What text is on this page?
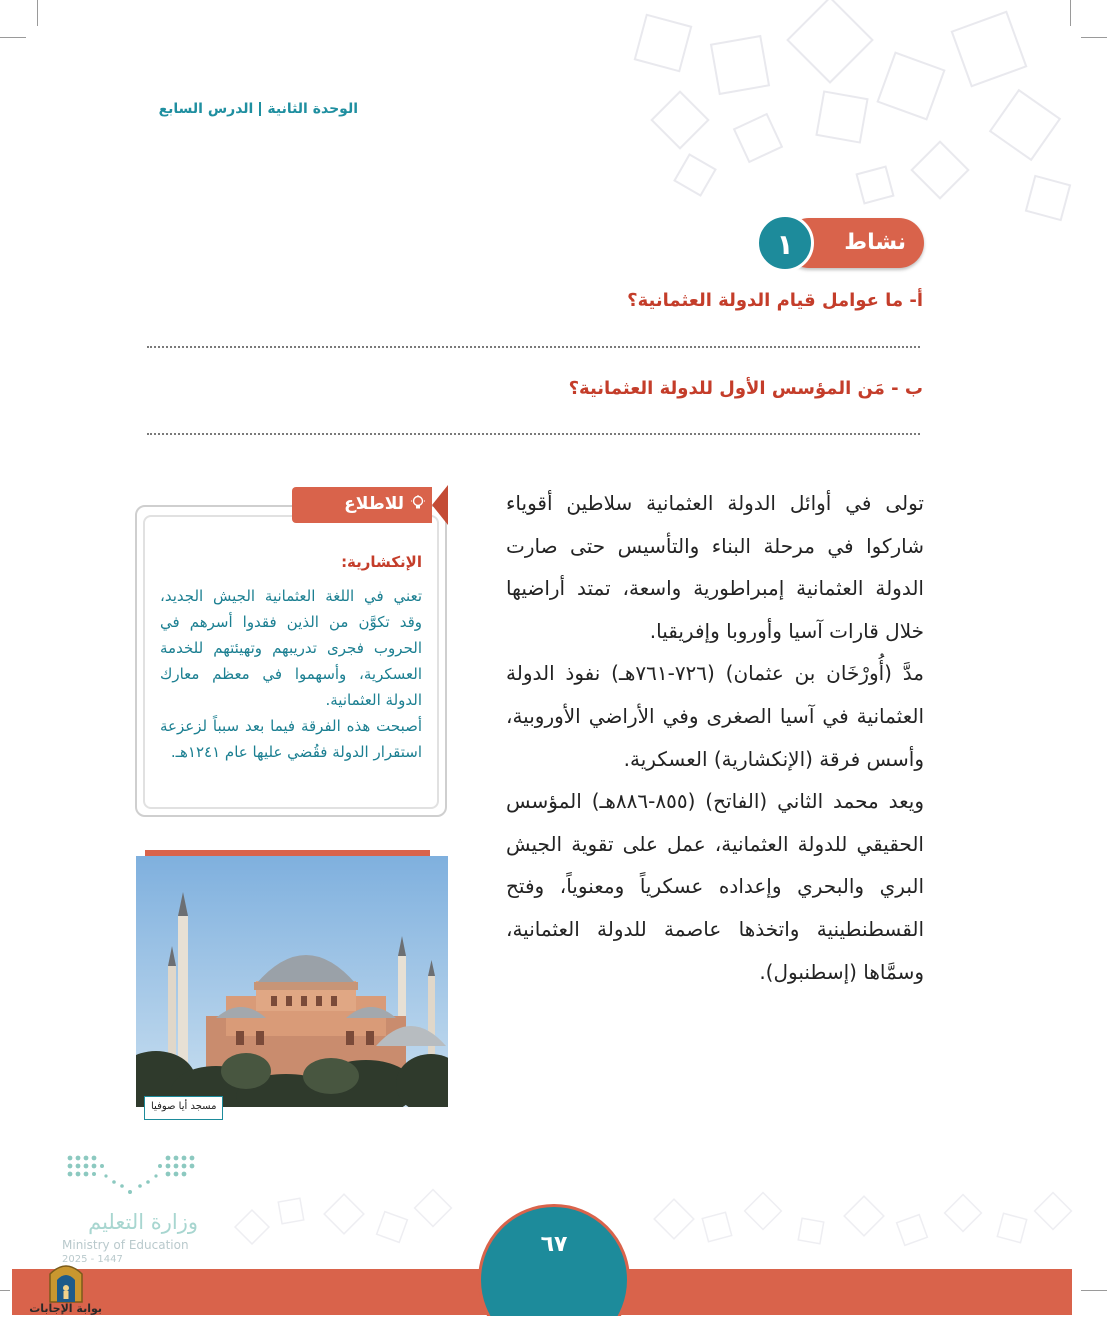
الوحدة الثانيةالدرس السابع
نشاط
١
أ- ما عوامل قيام الدولة العثمانية؟
ب - مَن المؤسس الأول للدولة العثمانية؟

تولى في أوائل الدولة العثمانية سلاطين أقوياء شاركوا في مرحلة البناء والتأسيس حتى صارت الدولة العثمانية إمبراطورية واسعة، تمتد أراضيها خلال قارات آسيا وأوروبا وإفريقيا.

مدَّ (أُورْخَان بن عثمان) (٧٢٦-٧٦١هـ) نفوذ الدولة العثمانية في آسيا الصغرى وفي الأراضي الأوروبية، وأسس فرقة (الإنكشارية) العسكرية.

ويعد محمد الثاني (الفاتح) (٨٥٥-٨٨٦هـ) المؤسس الحقيقي للدولة العثمانية، عمل على تقوية الجيش البري والبحري وإعداده عسكرياً ومعنوياً، وفتح القسطنطينية واتخذها عاصمة للدولة العثمانية، وسمَّاها (إسطنبول).

للاطلاع
الإنكشارية:

تعني في اللغة العثمانية الجيش الجديد، وقد تكوَّن من الذين فقدوا أسرهم في الحروب فجرى تدريبهم وتهيئتهم للخدمة العسكرية، وأسهموا في معظم معارك الدولة العثمانية.

أصبحت هذه الفرقة فيما بعد سبباً لزعزعة استقرار الدولة فقُضي عليها عام ١٢٤١هـ.

مسجد أيا صوفيا
٦٧
وزارة التعليم
Ministry of Education
2025 - 1447
بوابة الإجابات
